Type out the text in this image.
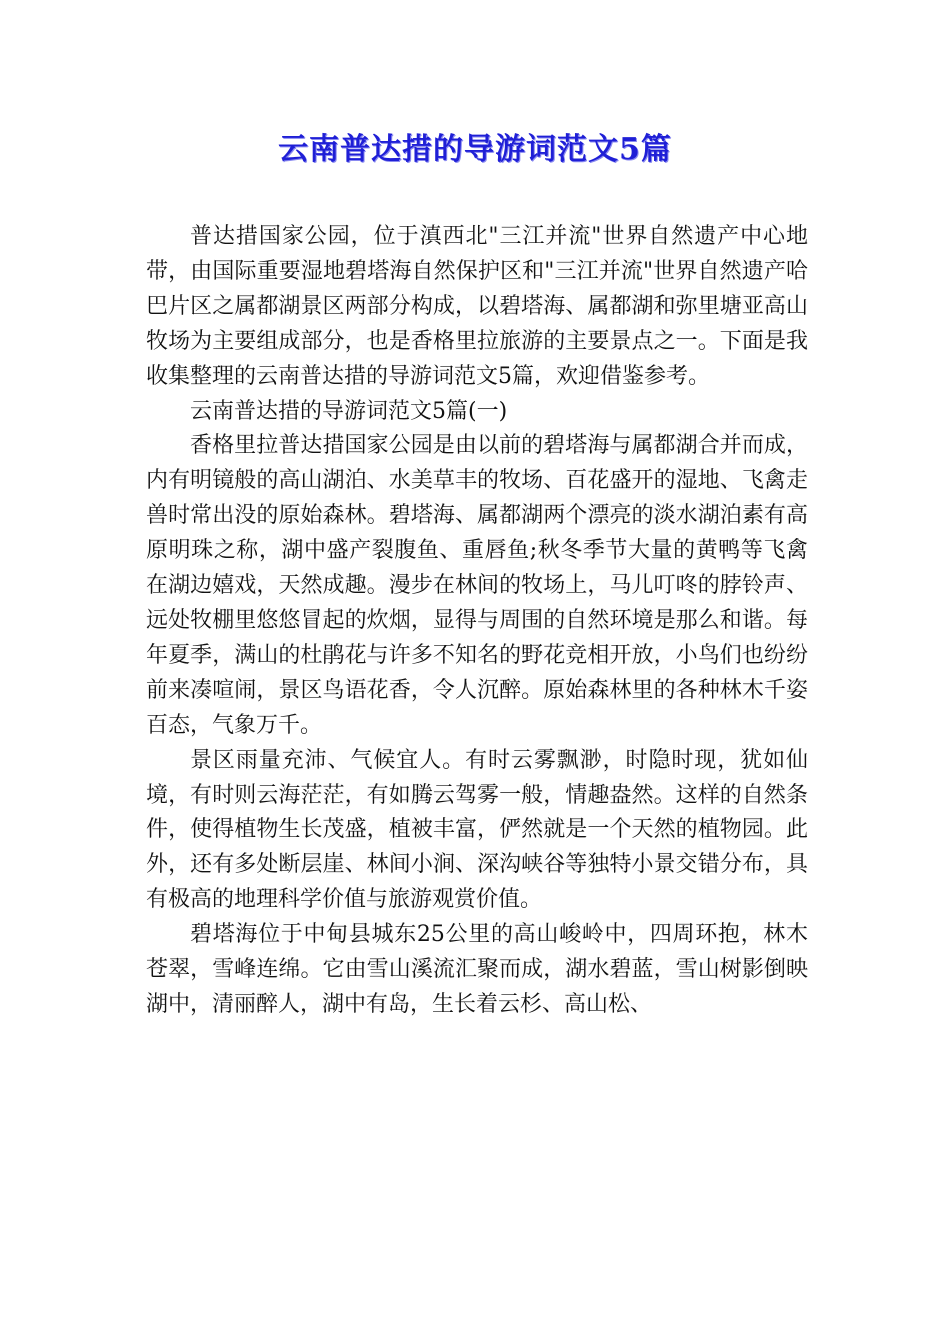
云南普达措的导游词范文5篇

普达措国家公园，位于滇西北"三江并流"世界自然遗产中心地带，由国际重要湿地碧塔海自然保护区和"三江并流"世界自然遗产哈巴片区之属都湖景区两部分构成，以碧塔海、属都湖和弥里塘亚高山牧场为主要组成部分，也是香格里拉旅游的主要景点之一。下面是我收集整理的云南普达措的导游词范文5篇，欢迎借鉴参考。

云南普达措的导游词范文5篇(一)

香格里拉普达措国家公园是由以前的碧塔海与属都湖合并而成，内有明镜般的高山湖泊、水美草丰的牧场、百花盛开的湿地、飞禽走兽时常出没的原始森林。碧塔海、属都湖两个漂亮的淡水湖泊素有高原明珠之称，湖中盛产裂腹鱼、重唇鱼;秋冬季节大量的黄鸭等飞禽在湖边嬉戏，天然成趣。漫步在林间的牧场上，马儿叮咚的脖铃声、远处牧棚里悠悠冒起的炊烟，显得与周围的自然环境是那么和谐。每年夏季，满山的杜鹃花与许多不知名的野花竞相开放，小鸟们也纷纷前来凑喧闹，景区鸟语花香，令人沉醉。原始森林里的各种林木千姿百态，气象万千。

景区雨量充沛、气候宜人。有时云雾飘渺，时隐时现，犹如仙境，有时则云海茫茫，有如腾云驾雾一般，情趣盎然。这样的自然条件，使得植物生长茂盛，植被丰富，俨然就是一个天然的植物园。此外，还有多处断层崖、林间小涧、深沟峡谷等独特小景交错分布，具有极高的地理科学价值与旅游观赏价值。

碧塔海位于中甸县城东25公里的高山峻岭中，四周环抱，林木苍翠，雪峰连绵。它由雪山溪流汇聚而成，湖水碧蓝，雪山树影倒映湖中，清丽醉人，湖中有岛，生长着云杉、高山松、
